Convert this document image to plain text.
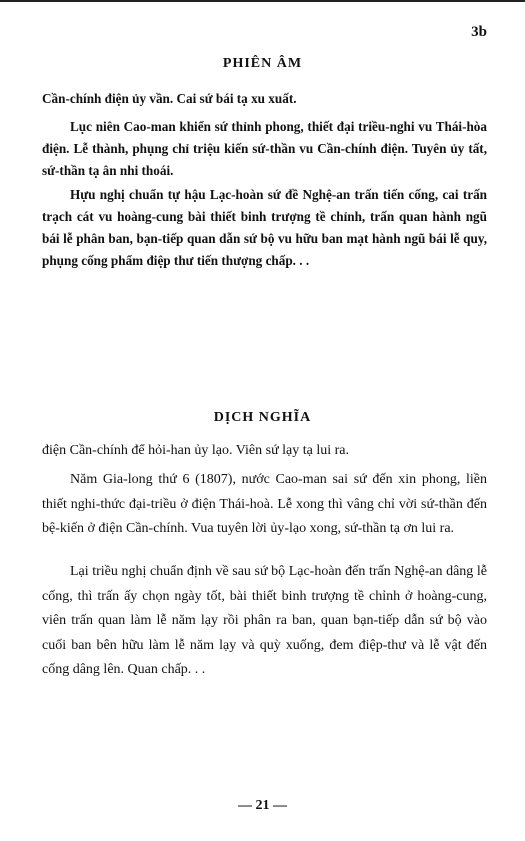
3b
PHIÊN ÂM

Cần-chính điện ủy vần. Cai sứ bái tạ xu xuất.

Lục niên Cao-man khiển sứ thỉnh phong, thiết đại triều-nghi vu Thái-hòa điện. Lễ thành, phụng chỉ triệu kiến sứ-thần vu Cần-chính điện. Tuyên ủy tất, sứ-thần tạ ân nhi thoái.

Hựu nghị chuẩn tự hậu Lạc-hoàn sứ đề Nghệ-an trấn tiến cống, cai trấn trạch cát vu hoàng-cung bài thiết binh trượng tề chỉnh, trấn quan hành ngũ bái lễ phân ban, bạn-tiếp quan dẫn sứ bộ vu hữu ban mạt hành ngũ bái lễ quy, phụng cống phẩm điệp thư tiến thượng chấp. . .

DỊCH NGHĨA

điện Cần-chính để hỏi-han ủy lạo. Viên sứ lạy tạ lui ra.

Năm Gia-long thứ 6 (1807), nước Cao-man sai sứ đến xin phong, liền thiết nghi-thức đại-triều ở điện Thái-hoà. Lễ xong thì vâng chỉ vời sứ-thần đến bệ-kiến ở điện Cần-chính. Vua tuyên lời ủy-lạo xong, sứ-thần tạ ơn lui ra.

Lại triều nghị chuẩn định về sau sứ bộ Lạc-hoàn đến trấn Nghệ-an dâng lễ cống, thì trấn ấy chọn ngày tốt, bài thiết binh trượng tề chỉnh ở hoàng-cung, viên trấn quan làm lễ năm lạy rồi phân ra ban, quan bạn-tiếp dẫn sứ bộ vào cuối ban bên hữu làm lễ năm lạy và quỳ xuống, đem điệp-thư và lễ vật đến cống dâng lên. Quan chấp. . .

— 21 —
